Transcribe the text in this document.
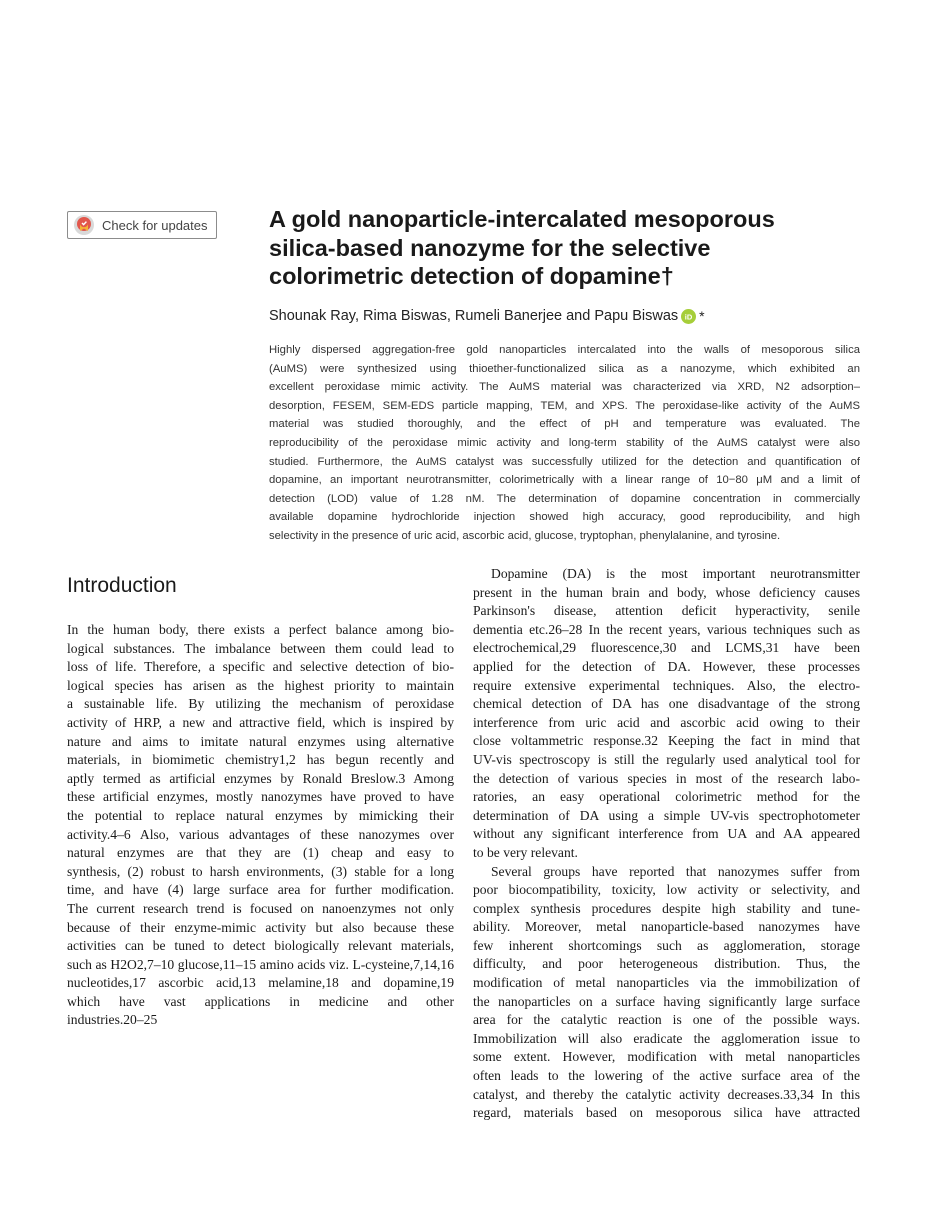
Check for updates	A gold nanoparticle-intercalated mesoporous
silica-based nanozyme for the selective
colorimetric detection of dopamine†
Shounak Ray, Rima Biswas, Rumeli Banerjee and Papu Biswas iD *
Highly dispersed aggregation-free gold nanoparticles intercalated into the walls of mesoporous silica
(AuMS) were synthesized using thioether-functionalized silica as a nanozyme, which exhibited an
excellent peroxidase mimic activity. The AuMS material was characterized via XRD, N2 adsorption–
desorption, FESEM, SEM-EDS particle mapping, TEM, and XPS. The peroxidase-like activity of the AuMS
material was studied thoroughly, and the effect of pH and temperature was evaluated. The
reproducibility of the peroxidase mimic activity and long-term stability of the AuMS catalyst were also
studied. Furthermore, the AuMS catalyst was successfully utilized for the detection and quantification of
dopamine, an important neurotransmitter, colorimetrically with a linear range of 10−80 μM and a limit of
detection (LOD) value of 1.28 nM. The determination of dopamine concentration in commercially
available dopamine hydrochloride injection showed high accuracy, good reproducibility, and high
selectivity in the presence of uric acid, ascorbic acid, glucose, tryptophan, phenylalanine, and tyrosine.
Introduction
In the human body, there exists a perfect balance among bio-
logical substances. The imbalance between them could lead to
loss of life. Therefore, a specific and selective detection of bio-
logical species has arisen as the highest priority to maintain
a sustainable life. By utilizing the mechanism of peroxidase
activity of HRP, a new and attractive field, which is inspired by
nature and aims to imitate natural enzymes using alternative
materials, in biomimetic chemistry1,2 has begun recently and
aptly termed as artificial enzymes by Ronald Breslow.3 Among
these artificial enzymes, mostly nanozymes have proved to have
the potential to replace natural enzymes by mimicking their
activity.4–6 Also, various advantages of these nanozymes over
natural enzymes are that they are (1) cheap and easy to
synthesis, (2) robust to harsh environments, (3) stable for a long
time, and have (4) large surface area for further modification.
The current research trend is focused on nanoenzymes not only
because of their enzyme-mimic activity but also because these
activities can be tuned to detect biologically relevant materials,
such as H2O2,7–10 glucose,11–15 amino acids viz. L-cysteine,7,14,16
nucleotides,17 ascorbic acid,13 melamine,18 and dopamine,19
which have vast applications in medicine and other
industries.20–25
Dopamine (DA) is the most important neurotransmitter
present in the human brain and body, whose deficiency causes
Parkinson's disease, attention deficit hyperactivity, senile
dementia etc.26–28 In the recent years, various techniques such as
electrochemical,29 fluorescence,30 and LCMS,31 have been
applied for the detection of DA. However, these processes
require extensive experimental techniques. Also, the electro-
chemical detection of DA has one disadvantage of the strong
interference from uric acid and ascorbic acid owing to their
close voltammetric response.32 Keeping the fact in mind that
UV-vis spectroscopy is still the regularly used analytical tool for
the detection of various species in most of the research labo-
ratories, an easy operational colorimetric method for the
determination of DA using a simple UV-vis spectrophotometer
without any significant interference from UA and AA appeared
to be very relevant.
Several groups have reported that nanozymes suffer from
poor biocompatibility, toxicity, low activity or selectivity, and
complex synthesis procedures despite high stability and tune-
ability. Moreover, metal nanoparticle-based nanozymes have
few inherent shortcomings such as agglomeration, storage
difficulty, and poor heterogeneous distribution. Thus, the
modification of metal nanoparticles via the immobilization of
the nanoparticles on a surface having significantly large surface
area for the catalytic reaction is one of the possible ways.
Immobilization will also eradicate the agglomeration issue to
some extent. However, modification with metal nanoparticles
often leads to the lowering of the active surface area of the
catalyst, and thereby the catalytic activity decreases.33,34 In this
regard, materials based on mesoporous silica have attracted
